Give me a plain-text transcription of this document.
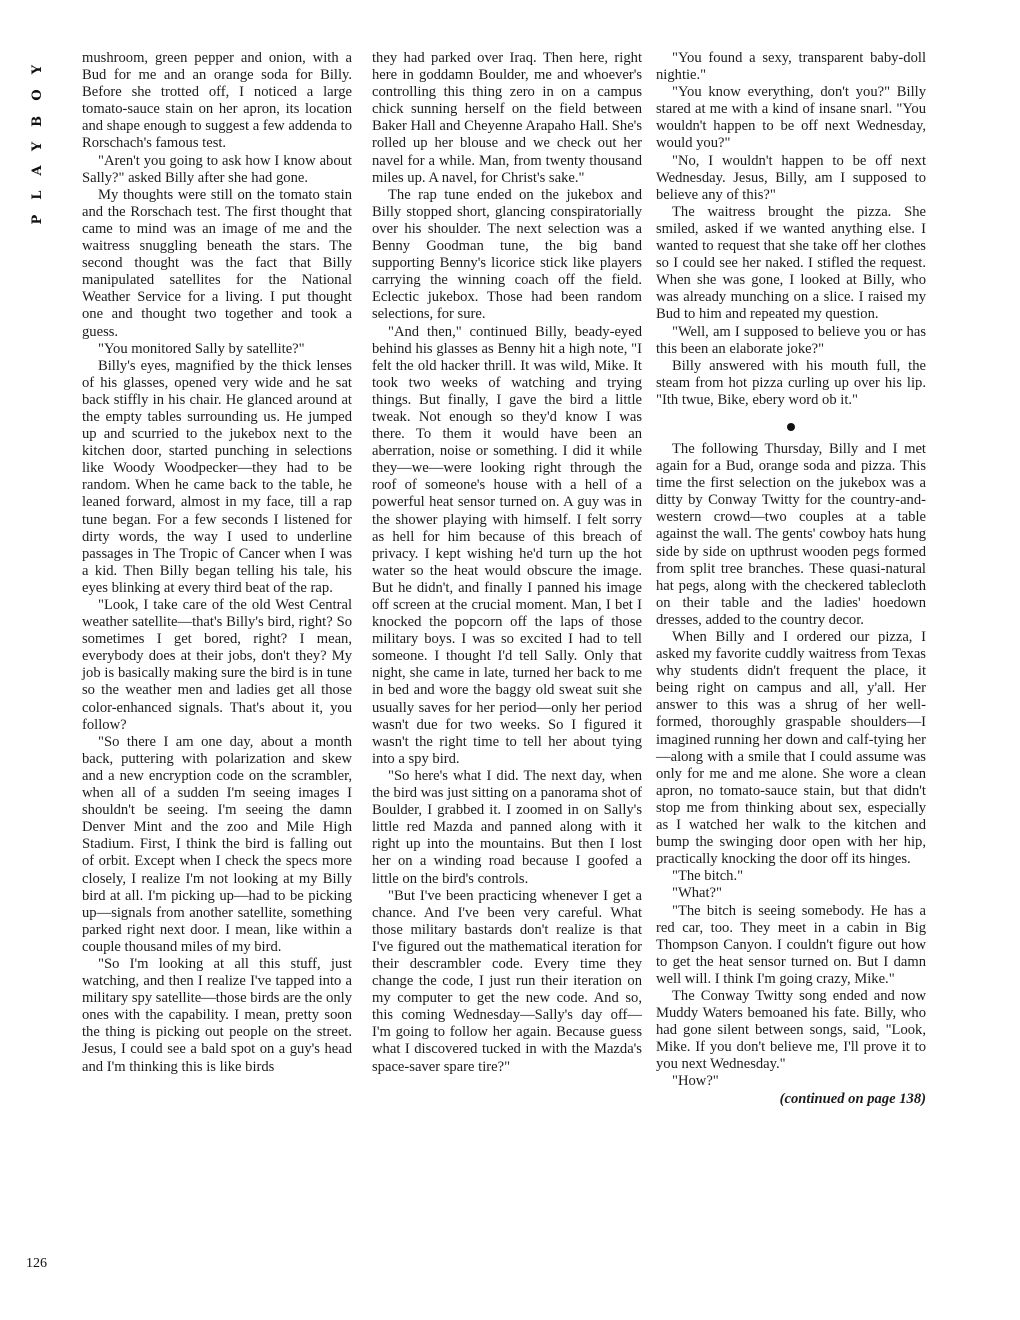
PLAYBOY	mushroom, green pepper and onion, with a Bud for me and an orange soda for Billy. Before she trotted off, I noticed a large tomato-sauce stain on her apron, its location and shape enough to suggest a few addenda to Rorschach's famous test.

"Aren't you going to ask how I know about Sally?" asked Billy after she had gone.

My thoughts were still on the tomato stain and the Rorschach test. The first thought that came to mind was an image of me and the waitress snuggling beneath the stars. The second thought was the fact that Billy manipulated satellites for the National Weather Service for a living. I put thought one and thought two together and took a guess.

"You monitored Sally by satellite?"

Billy's eyes, magnified by the thick lenses of his glasses, opened very wide and he sat back stiffly in his chair. He glanced around at the empty tables surrounding us. He jumped up and scurried to the jukebox next to the kitchen door, started punching in selections like Woody Woodpecker—they had to be random. When he came back to the table, he leaned forward, almost in my face, till a rap tune began. For a few seconds I listened for dirty words, the way I used to underline passages in The Tropic of Cancer when I was a kid. Then Billy began telling his tale, his eyes blinking at every third beat of the rap.

"Look, I take care of the old West Central weather satellite—that's Billy's bird, right? So sometimes I get bored, right? I mean, everybody does at their jobs, don't they? My job is basically making sure the bird is in tune so the weather men and ladies get all those color-enhanced signals. That's about it, you follow?

"So there I am one day, about a month back, puttering with polarization and skew and a new encryption code on the scrambler, when all of a sudden I'm seeing images I shouldn't be seeing. I'm seeing the damn Denver Mint and the zoo and Mile High Stadium. First, I think the bird is falling out of orbit. Except when I check the specs more closely, I realize I'm not looking at my Billy bird at all. I'm picking up—had to be picking up—signals from another satellite, something parked right next door. I mean, like within a couple thousand miles of my bird.

"So I'm looking at all this stuff, just watching, and then I realize I've tapped into a military spy satellite—those birds are the only ones with the capability. I mean, pretty soon the thing is picking out people on the street. Jesus, I could see a bald spot on a guy's head and I'm thinking this is like birds

they had parked over Iraq. Then here, right here in goddamn Boulder, me and whoever's controlling this thing zero in on a campus chick sunning herself on the field between Baker Hall and Cheyenne Arapaho Hall. She's rolled up her blouse and we check out her navel for a while. Man, from twenty thousand miles up. A navel, for Christ's sake."

The rap tune ended on the jukebox and Billy stopped short, glancing conspiratorially over his shoulder. The next selection was a Benny Goodman tune, the big band supporting Benny's licorice stick like players carrying the winning coach off the field. Eclectic jukebox. Those had been random selections, for sure.

"And then," continued Billy, beady-eyed behind his glasses as Benny hit a high note, "I felt the old hacker thrill. It was wild, Mike. It took two weeks of watching and trying things. But finally, I gave the bird a little tweak. Not enough so they'd know I was there. To them it would have been an aberration, noise or something. I did it while they—we—were looking right through the roof of someone's house with a hell of a powerful heat sensor turned on. A guy was in the shower playing with himself. I felt sorry as hell for him because of this breach of privacy. I kept wishing he'd turn up the hot water so the heat would obscure the image. But he didn't, and finally I panned his image off screen at the crucial moment. Man, I bet I knocked the popcorn off the laps of those military boys. I was so excited I had to tell someone. I thought I'd tell Sally. Only that night, she came in late, turned her back to me in bed and wore the baggy old sweat suit she usually saves for her period—only her period wasn't due for two weeks. So I figured it wasn't the right time to tell her about tying into a spy bird.

"So here's what I did. The next day, when the bird was just sitting on a panorama shot of Boulder, I grabbed it. I zoomed in on Sally's little red Mazda and panned along with it right up into the mountains. But then I lost her on a winding road because I goofed a little on the bird's controls.

"But I've been practicing whenever I get a chance. And I've been very careful. What those military bastards don't realize is that I've figured out the mathematical iteration for their descrambler code. Every time they change the code, I just run their iteration on my computer to get the new code. And so, this coming Wednesday—Sally's day off—I'm going to follow her again. Because guess what I discovered tucked in with the Mazda's space-saver spare tire?"

"You found a sexy, transparent baby-doll nightie."

"You know everything, don't you?" Billy stared at me with a kind of insane snarl. "You wouldn't happen to be off next Wednesday, would you?"

"No, I wouldn't happen to be off next Wednesday. Jesus, Billy, am I supposed to believe any of this?"

The waitress brought the pizza. She smiled, asked if we wanted anything else. I wanted to request that she take off her clothes so I could see her naked. I stifled the request. When she was gone, I looked at Billy, who was already munching on a slice. I raised my Bud to him and repeated my question.

"Well, am I supposed to believe you or has this been an elaborate joke?"

Billy answered with his mouth full, the steam from hot pizza curling up over his lip. "Ith twue, Bike, ebery word ob it."

The following Thursday, Billy and I met again for a Bud, orange soda and pizza. This time the first selection on the jukebox was a ditty by Conway Twitty for the country-and-western crowd—two couples at a table against the wall. The gents' cowboy hats hung side by side on upthrust wooden pegs formed from split tree branches. These quasi-natural hat pegs, along with the checkered tablecloth on their table and the ladies' hoedown dresses, added to the country decor.

When Billy and I ordered our pizza, I asked my favorite cuddly waitress from Texas why students didn't frequent the place, it being right on campus and all, y'all. Her answer to this was a shrug of her well-formed, thoroughly graspable shoulders—I imagined running her down and calf-tying her—along with a smile that I could assume was only for me and me alone. She wore a clean apron, no tomato-sauce stain, but that didn't stop me from thinking about sex, especially as I watched her walk to the kitchen and bump the swinging door open with her hip, practically knocking the door off its hinges.

"The bitch."

"What?"

"The bitch is seeing somebody. He has a red car, too. They meet in a cabin in Big Thompson Canyon. I couldn't figure out how to get the heat sensor turned on. But I damn well will. I think I'm going crazy, Mike."

The Conway Twitty song ended and now Muddy Waters bemoaned his fate. Billy, who had gone silent between songs, said, "Look, Mike. If you don't believe me, I'll prove it to you next Wednesday."

"How?"

(continued on page 138)

126
